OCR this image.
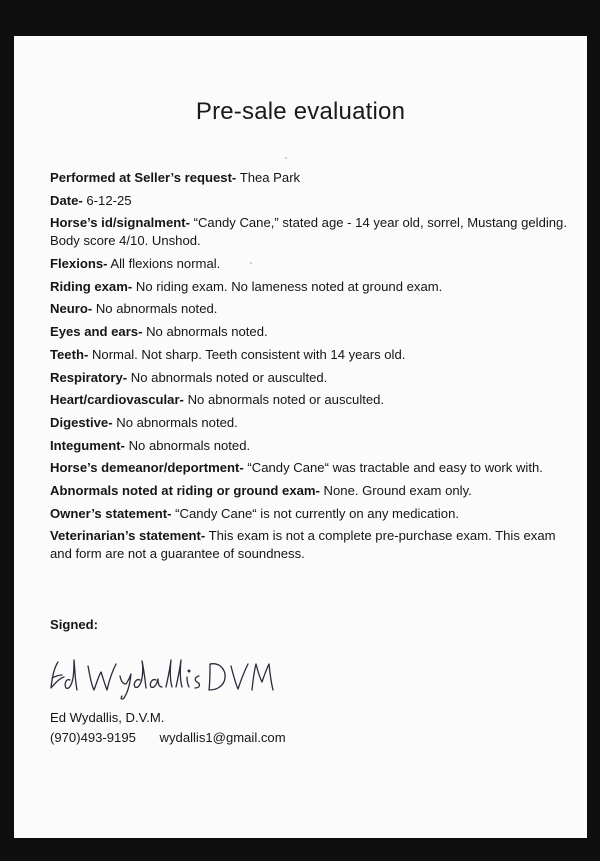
Pre-sale evaluation
Performed at Seller’s request- Thea Park
Date- 6-12-25
Horse’s id/signalment- “Candy Cane,” stated age - 14 year old, sorrel, Mustang gelding. Body score 4/10. Unshod.
Flexions- All flexions normal.
Riding exam- No riding exam. No lameness noted at ground exam.
Neuro- No abnormals noted.
Eyes and ears- No abnormals noted.
Teeth- Normal. Not sharp. Teeth consistent with 14 years old.
Respiratory- No abnormals noted or ausculted.
Heart/cardiovascular- No abnormals noted or ausculted.
Digestive- No abnormals noted.
Integument- No abnormals noted.
Horse’s demeanor/deportment- “Candy Cane“ was tractable and easy to work with.
Abnormals noted at riding or ground exam- None. Ground exam only.
Owner’s statement- “Candy Cane“ is not currently on any medication.
Veterinarian’s statement- This exam is not a complete pre-purchase exam. This exam and form are not a guarantee of soundness.
Signed:
Ed Wydallis, D.V.M.
(970)493-9195 wydallis1@gmail.com
